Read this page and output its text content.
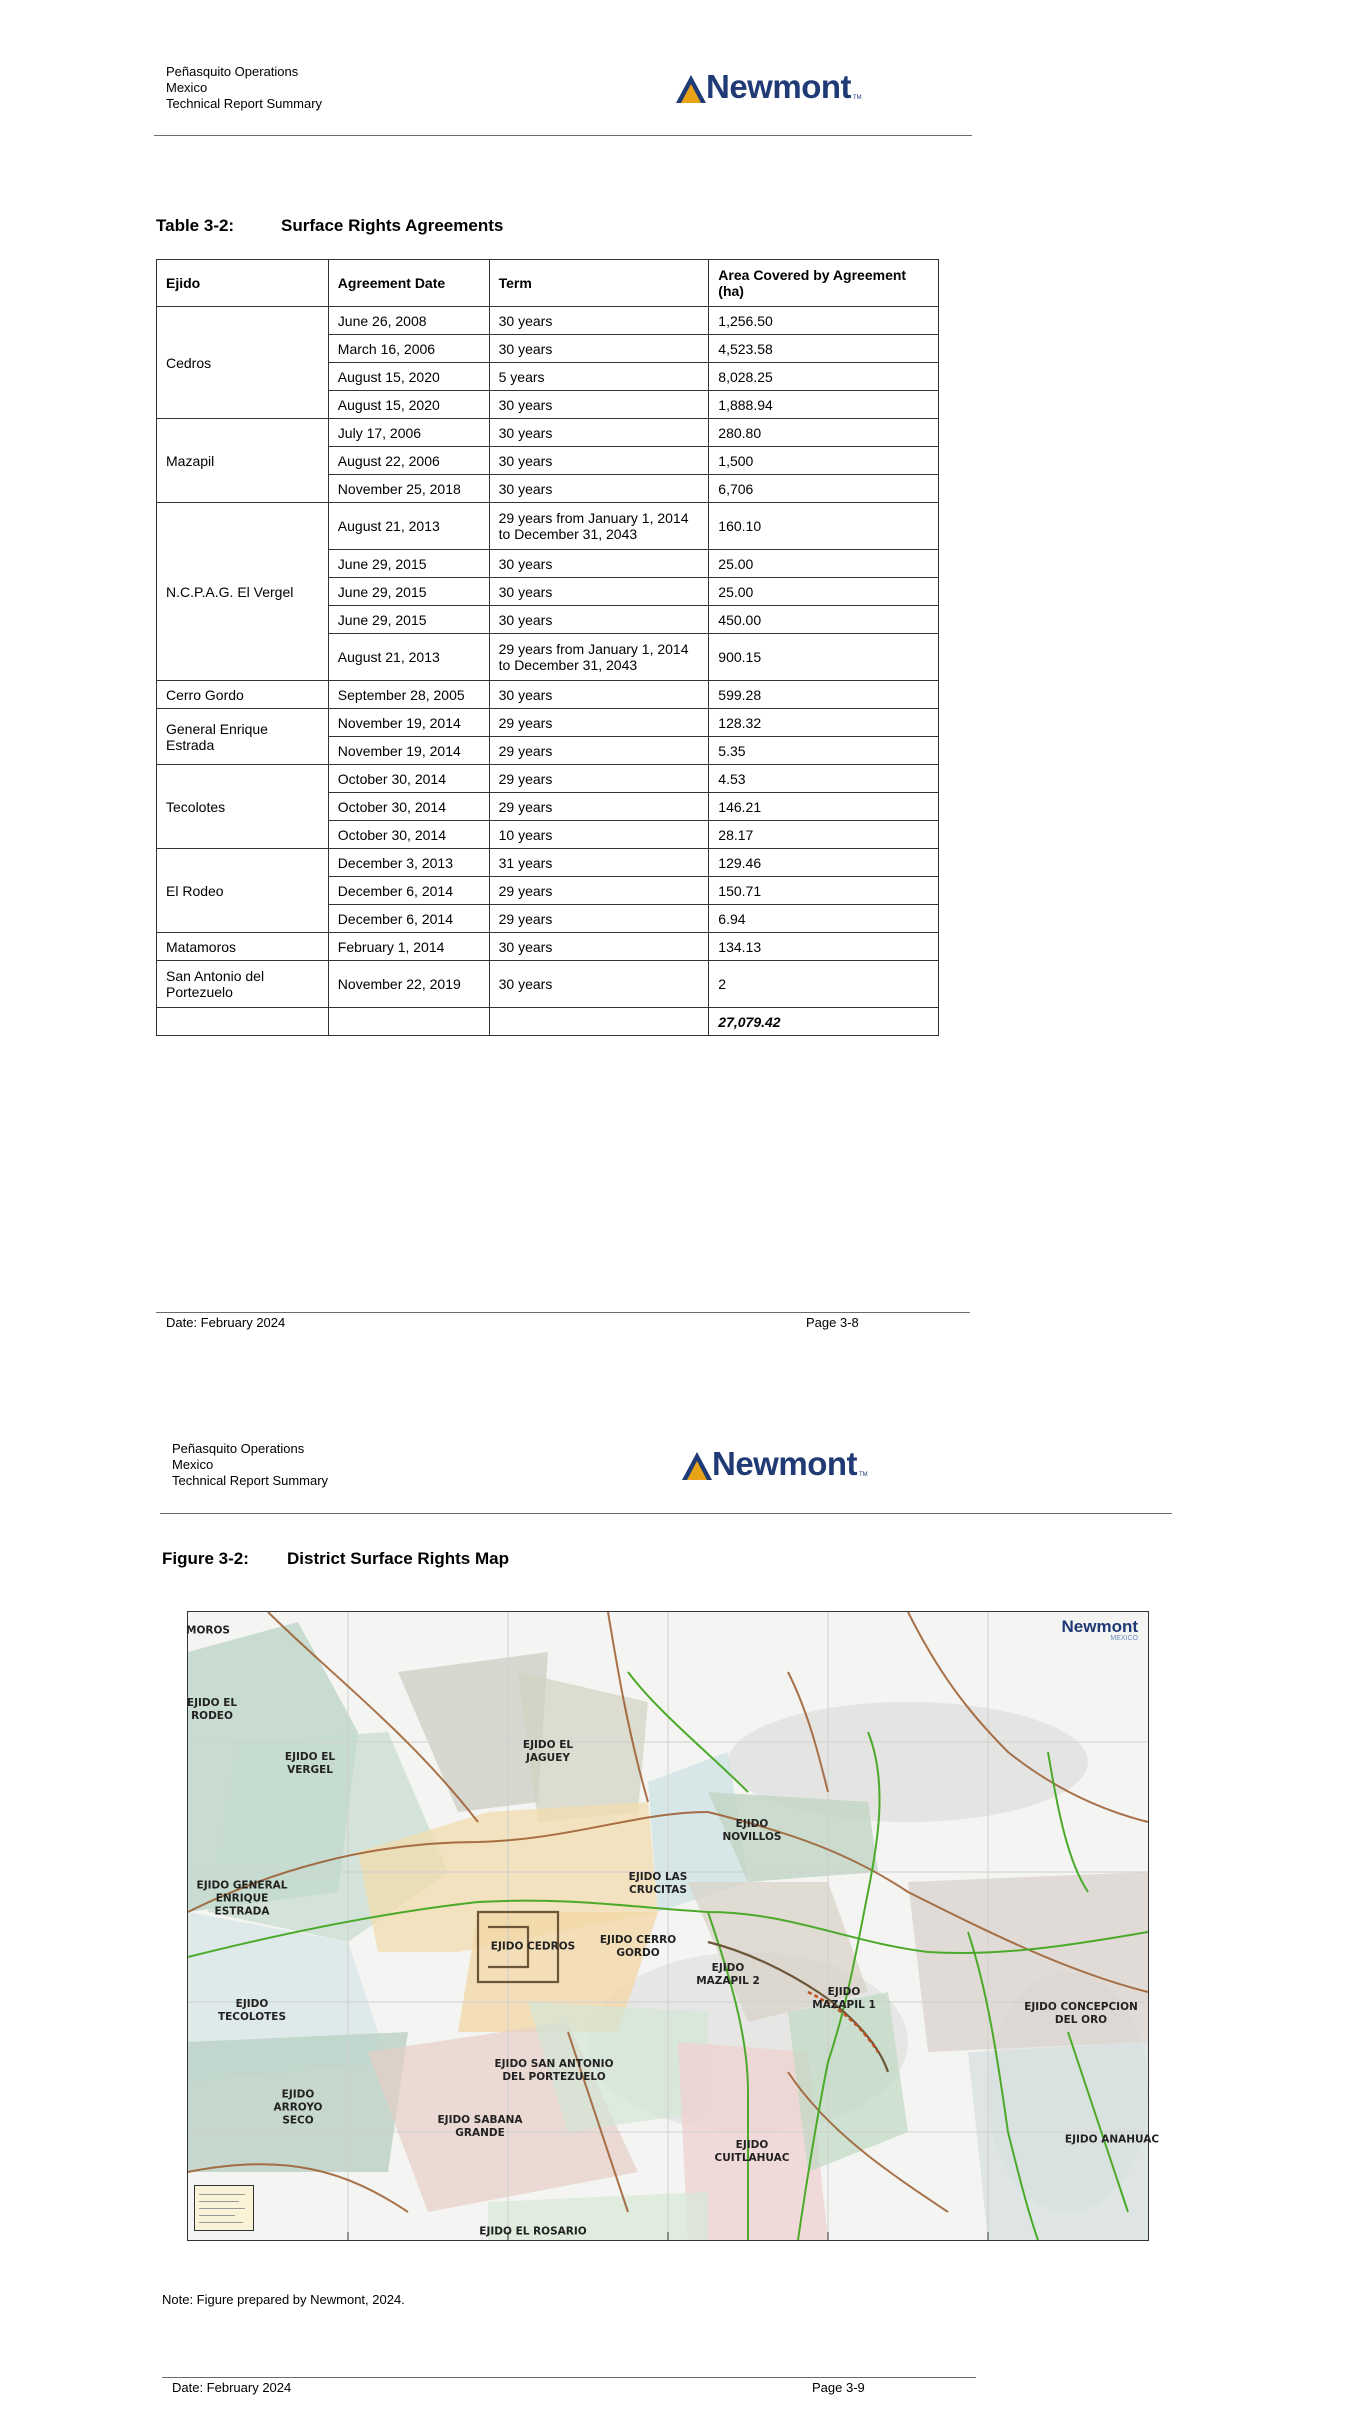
Peñasquito Operations
Mexico
Technical Report Summary	Newmont TM
Table 3-2:	Surface Rights Agreements
Ejido	Agreement Date	Term	Area Covered by Agreement (ha)
Cedros	June 26, 2008	30 years	1,256.50
	March 16, 2006	30 years	4,523.58
	August 15, 2020	5 years	8,028.25
	August 15, 2020	30 years	1,888.94
Mazapil	July 17, 2006	30 years	280.80
	August 22, 2006	30 years	1,500
	November 25, 2018	30 years	6,706
N.C.P.A.G. El Vergel	August 21, 2013	29 years from January 1, 2014 to December 31, 2043	160.10
	June 29, 2015	30 years	25.00
	June 29, 2015	30 years	25.00
	June 29, 2015	30 years	450.00
	August 21, 2013	29 years from January 1, 2014 to December 31, 2043	900.15
Cerro Gordo	September 28, 2005	30 years	599.28
General Enrique Estrada	November 19, 2014	29 years	128.32
	November 19, 2014	29 years	5.35
Tecolotes	October 30, 2014	29 years	4.53
	October 30, 2014	29 years	146.21
	October 30, 2014	10 years	28.17
El Rodeo	December 3, 2013	31 years	129.46
	December 6, 2014	29 years	150.71
	December 6, 2014	29 years	6.94
Matamoros	February 1, 2014	30 years	134.13
San Antonio del Portezuelo	November 22, 2019	30 years	2
			27,079.42
Date: February 2024	Page 3-8
Peñasquito Operations
Mexico
Technical Report Summary	Newmont TM
Figure 3-2: District Surface Rights Map
Newmont
MEXICO
MOROS
EJIDO EL RODEO
EJIDO EL VERGEL
EJIDO EL JAGUEY
EJIDO NOVILLOS
EJIDO GENERAL ENRIQUE ESTRADA
EJIDO LAS CRUCITAS
EJIDO CEDROS
EJIDO CERRO GORDO
EJIDO MAZAPIL 2
EJIDO MAZAPIL 1
EJIDO TECOLOTES
EJIDO CONCEPCION DEL ORO
EJIDO SAN ANTONIO DEL PORTEZUELO
EJIDO ARROYO SECO	EJIDO SABANA GRANDE
EJIDO CUITLAHUAC
EJIDO ANAHUAC
EJIDO EL ROSARIO
Note: Figure prepared by Newmont, 2024.
Date: February 2024	Page 3-9
